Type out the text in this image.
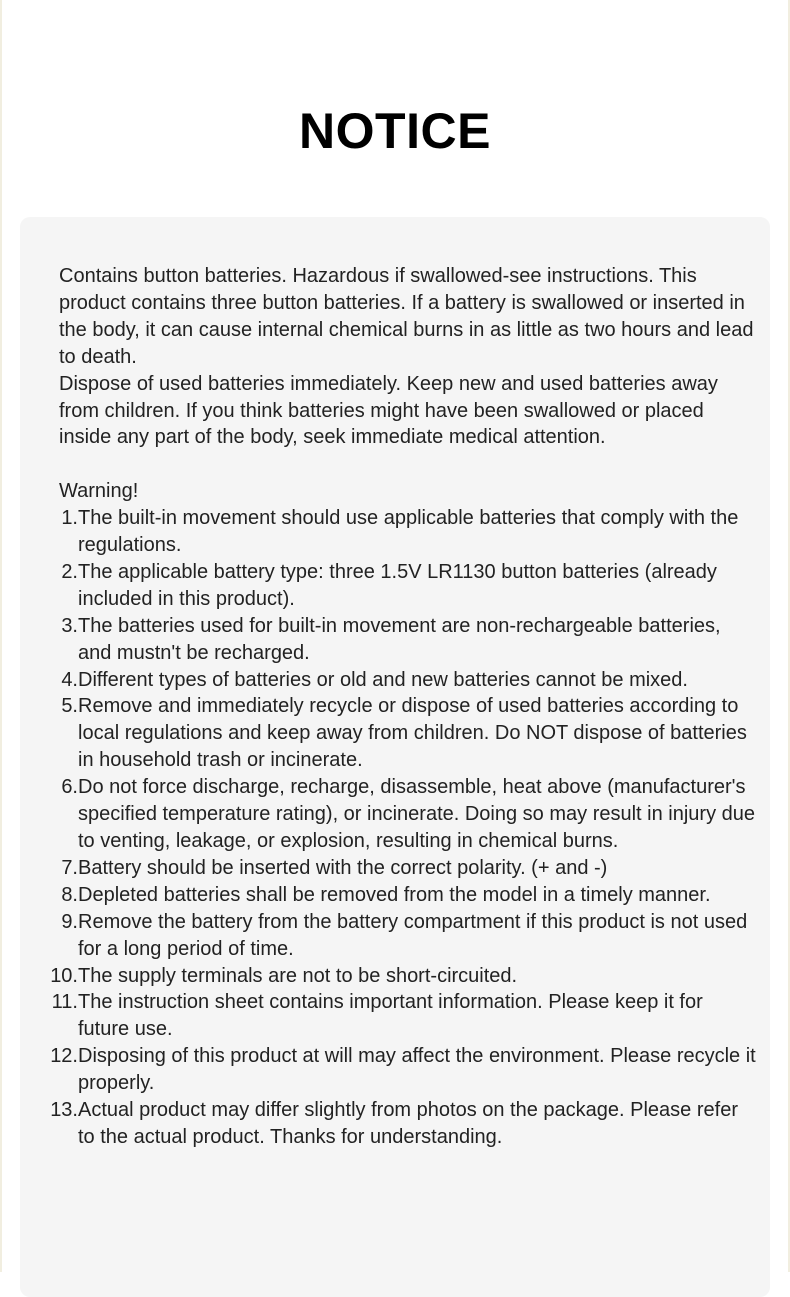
NOTICE

Contains button batteries. Hazardous if swallowed-see instructions. This product contains three button batteries. If a battery is swallowed or inserted in the body, it can cause internal chemical burns in as little as two hours and lead to death.

Dispose of used batteries immediately. Keep new and used batteries away from children. If you think batteries might have been swallowed or placed inside any part of the body, seek immediate medical attention.

Warning!

1. The built-in movement should use applicable batteries that comply with the regulations.
2. The applicable battery type: three 1.5V LR1130 button batteries (already included in this product).
3. The batteries used for built-in movement are non-rechargeable batteries, and mustn't be recharged.
4. Different types of batteries or old and new batteries cannot be mixed.
5. Remove and immediately recycle or dispose of used batteries according to local regulations and keep away from children. Do NOT dispose of batteries in household trash or incinerate.
6. Do not force discharge, recharge, disassemble, heat above (manufacturer's specified temperature rating), or incinerate. Doing so may result in injury due to venting, leakage, or explosion, resulting in chemical burns.
7. Battery should be inserted with the correct polarity. (+ and -)
8. Depleted batteries shall be removed from the model in a timely manner.
9. Remove the battery from the battery compartment if this product is not used for a long period of time.
10. The supply terminals are not to be short-circuited.
11. The instruction sheet contains important information. Please keep it for future use.
12. Disposing of this product at will may affect the environment. Please recycle it properly.
13. Actual product may differ slightly from photos on the package. Please refer to the actual product. Thanks for understanding.
